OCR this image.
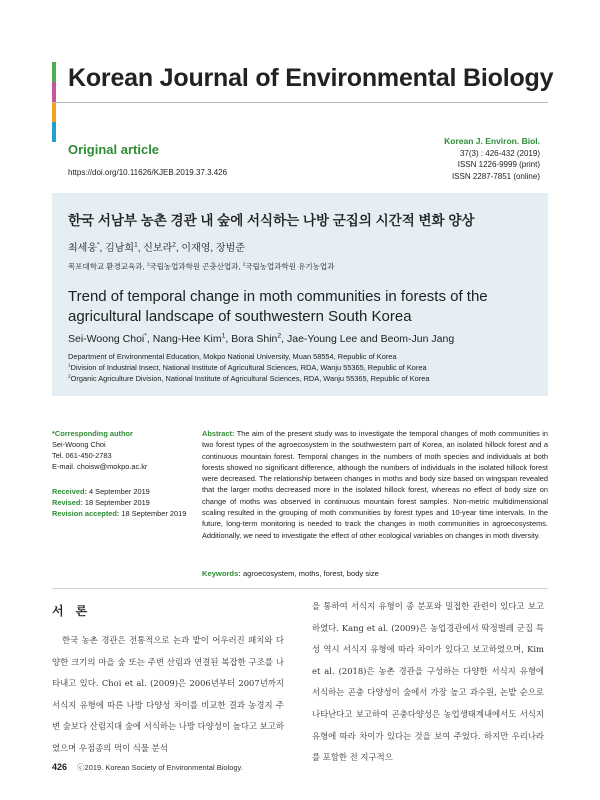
Korean Journal of Environmental Biology
Original article
https://doi.org/10.11626/KJEB.2019.37.3.426
Korean J. Environ. Biol.
37(3) : 426-432 (2019)
ISSN 1226-9999 (print)
ISSN 2287-7851 (online)
한국 서남부 농촌 경관 내 숲에 서식하는 나방 군집의 시간적 변화 양상
최세웅*, 김남희$^1$, 신보라$^2$, 이재영, 장범준
목포대학교 환경교육과, $^1$국립농업과학원 곤충산업과, $^2$국립농업과학원 유기농업과
Trend of temporal change in moth communities in forests of the agricultural landscape of southwestern South Korea
Sei-Woong Choi*, Nang-Hee Kim$^1$, Bora Shin$^2$, Jae-Young Lee and Beom-Jun Jang
Department of Environmental Education, Mokpo National University, Muan 58554, Republic of Korea
$^1$Division of Industrial Insect, National Institute of Agricultural Sciences, RDA, Wanju 55365, Republic of Korea
$^2$Organic Agriculture Division, National Institute of Agricultural Sciences, RDA, Wanju 55365, Republic of Korea
*Corresponding author
Sei-Woong Choi
Tel. 061-450-2783
E-mail. choisw@mokpo.ac.kr
Received: 4 September 2019
Revised: 18 September 2019
Revision accepted: 18 September 2019
Abstract: The aim of the present study was to investigate the temporal changes of moth communities in two forest types of the agroecosystem in the southwestern part of Korea, an isolated hillock forest and a continuous mountain forest. Temporal changes in the numbers of moth species and individuals at both forests showed no significant difference, although the numbers of individuals in the isolated hillock forest were decreased. The relationship between changes in moths and body size based on wingspan revealed that the larger moths decreased more in the isolated hillock forest, whereas no effect of body size on change of moths was observed in continuous mountain forest samples. Non-metric multidimensional scaling resulted in the grouping of moth communities by forest types and 10-year time intervals. In the future, long-term monitoring is needed to track the changes in moth communities in agroecosystems. Additionally, we need to investigate the effect of other ecological variables on changes in moth diversity.
Keywords: agroecosystem, moths, forest, body size
서론
한국 농촌 경관은 전통적으로 논과 밭이 어우러진 패치와 다양한 크기의 마을 숲 또는 주변 산림과 연결된 복잡한 구조를 나타내고 있다. Choi et al. (2009)은 2006년부터 2007년까지 서식지 유형에 따른 나방 다양성 차이를 비교한 결과 농경지 주변 숲보다 산림지대 숲에 서식하는 나방 다양성이 높다고 보고하였으며 우점종의 먹이 식물 분석
을 통하여 서식지 유형이 종 분포와 밀접한 관련이 있다고 보고하였다. Kang et al. (2009)은 농업경관에서 딱정벌레 군집 특성 역시 서식지 유형에 따라 차이가 있다고 보고하였으며, Kim et al. (2018)은 농촌 경관을 구성하는 다양한 서식지 유형에 서식하는 곤충 다양성이 숲에서 가장 높고 과수원, 논밭 순으로 나타난다고 보고하여 곤충다양성은 농업생태계내에서도 서식지 유형에 따라 차이가 있다는 것을 보여 주었다. 하지만 우리나라를 포함한 전 지구적으
426 ⓒ2019. Korean Society of Environmental Biology.
